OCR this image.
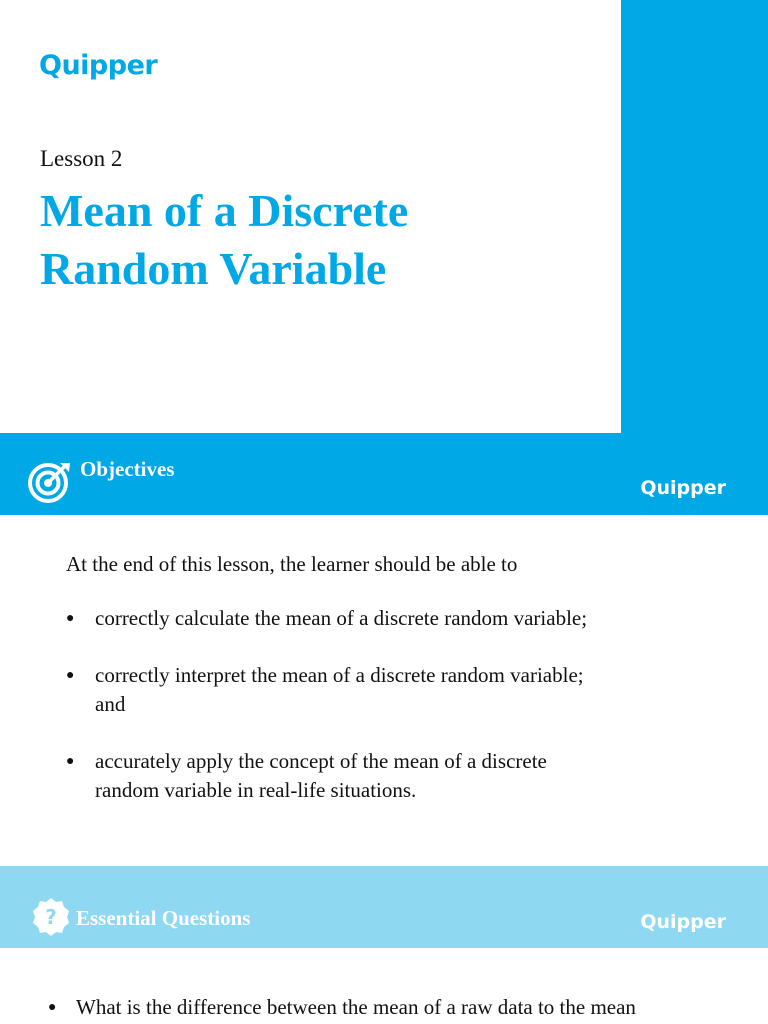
Quipper
Lesson 2
Mean of a Discrete
Random Variable
Objectives
Quipper
At the end of this lesson, the learner should be able to
● correctly calculate the mean of a discrete random variable;
● correctly interpret the mean of a discrete random variable;
and
● accurately apply the concept of the mean of a discrete
random variable in real-life situations.
? Essential Questions	Quipper
● What is the difference between the mean of a raw data to the mean
